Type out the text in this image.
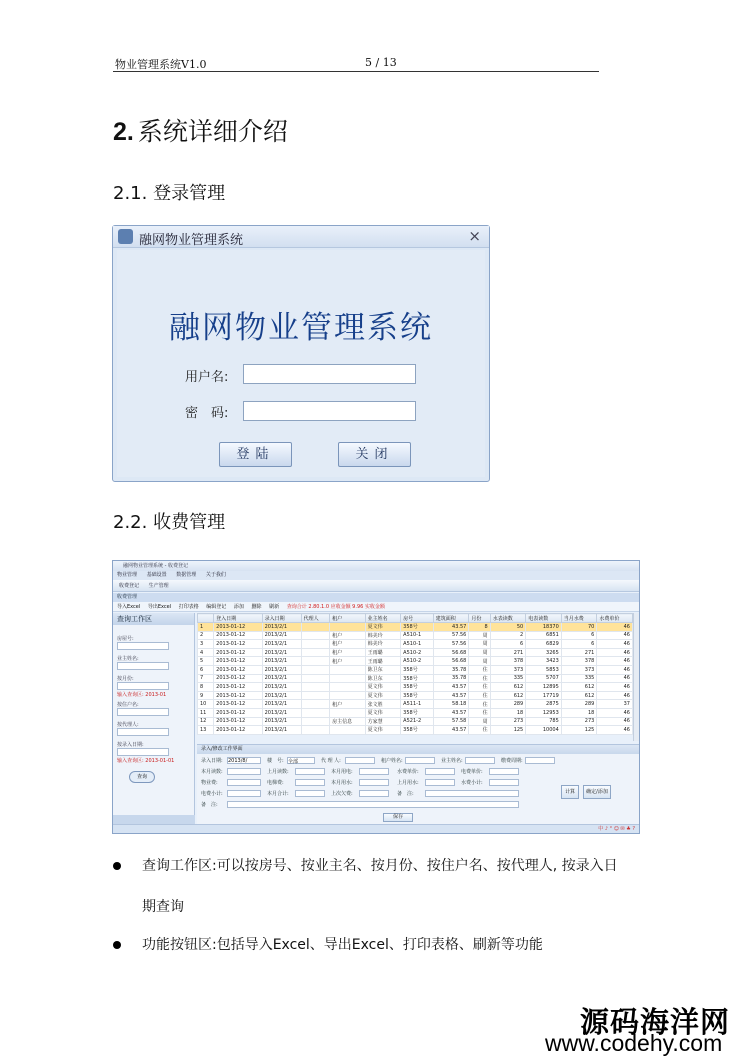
物业管理系统V1.0	5 / 13
2. 系统详细介绍
2.1. 登录管理
融网物业管理系统	×
融网物业管理系统
用户名:
密　码:
登陆	关闭
2.2. 收费管理
融网物业管理系统 - 收费登记
物业管理 基础设置 数据管理 关于我们
收费登记 生产管理
收费管理
导入Excel 导出Excel 打印表格 编辑登记 添加 删除 刷新 查询合计 2.80.1.0 应收金额 9.96 实收金额
查询工作区
房屋号:
业主姓名:
按月份:
输入查询区: 2013-01
按住户名:
按代理人:
按录入日期:
输入查询区: 2013-01-01
查询
	登入日期	录入日期	代理人	租户	业主姓名	房号	建筑面积	月份	水表读数	电表读数	当月水费	水费单价
1	2013-01-12	2013/2/1			夏文伟	358号	43.57	8	50	18370	70	46
2	2013-01-12	2013/2/1		租户	韩美玲	A510-1	57.56	周	2	6851	6	46
3	2013-01-12	2013/2/1		租户	韩美玲	A510-1	57.56	周	6	6829	6	46
4	2013-01-12	2013/2/1		租户	王雨璐	A510-2	56.68	周	271	3265	271	46
5	2013-01-12	2013/2/1		租户	王雨璐	A510-2	56.68	周	378	3423	378	46
6	2013-01-12	2013/2/1			陈卫东	358号	35.78	住	373	5853	373	46
7	2013-01-12	2013/2/1			陈卫东	358号	35.78	住	335	5707	335	46
8	2013-01-12	2013/2/1			夏文伟	358号	43.57	住	612	12895	612	46
9	2013-01-12	2013/2/1			夏文伟	358号	43.57	住	612	17719	612	46
10	2013-01-12	2013/2/1		租户	张文胜	A511-1	58.18	住	289	2875	289	37
11	2013-01-12	2013/2/1			夏文伟	358号	43.57	住	18	12953	18	46
12	2013-01-12	2013/2/1		房主信息	方家慧	A521-2	57.58	周	273	785	273	46
13	2013-01-12	2013/2/1			夏文伟	358号	43.57	住	125	10004	125	46
录入/修改工作界面
录入日期: 2013/8/	楼　号: 全部	代 理 人:	租户姓名:	业主姓名:	缴费周期:
本月读数:	上月读数:	本月用电:	水费单价:	电费单价:
物业费:	电梯费:	本月用水:	上月用水:	水费小计:
电费小计:	本月合计:	上次欠费:	备　注:
备　注:
计算	确定/添加
保存
中 ♪ ° ☺ ✉ ♣ ?
查询工作区:可以按房号、按业主名、按月份、按住户名、按代理人, 按录入日
期查询
功能按钮区:包括导入Excel、导出Excel、打印表格、刷新等功能
源码海洋网
www.codehy.com
